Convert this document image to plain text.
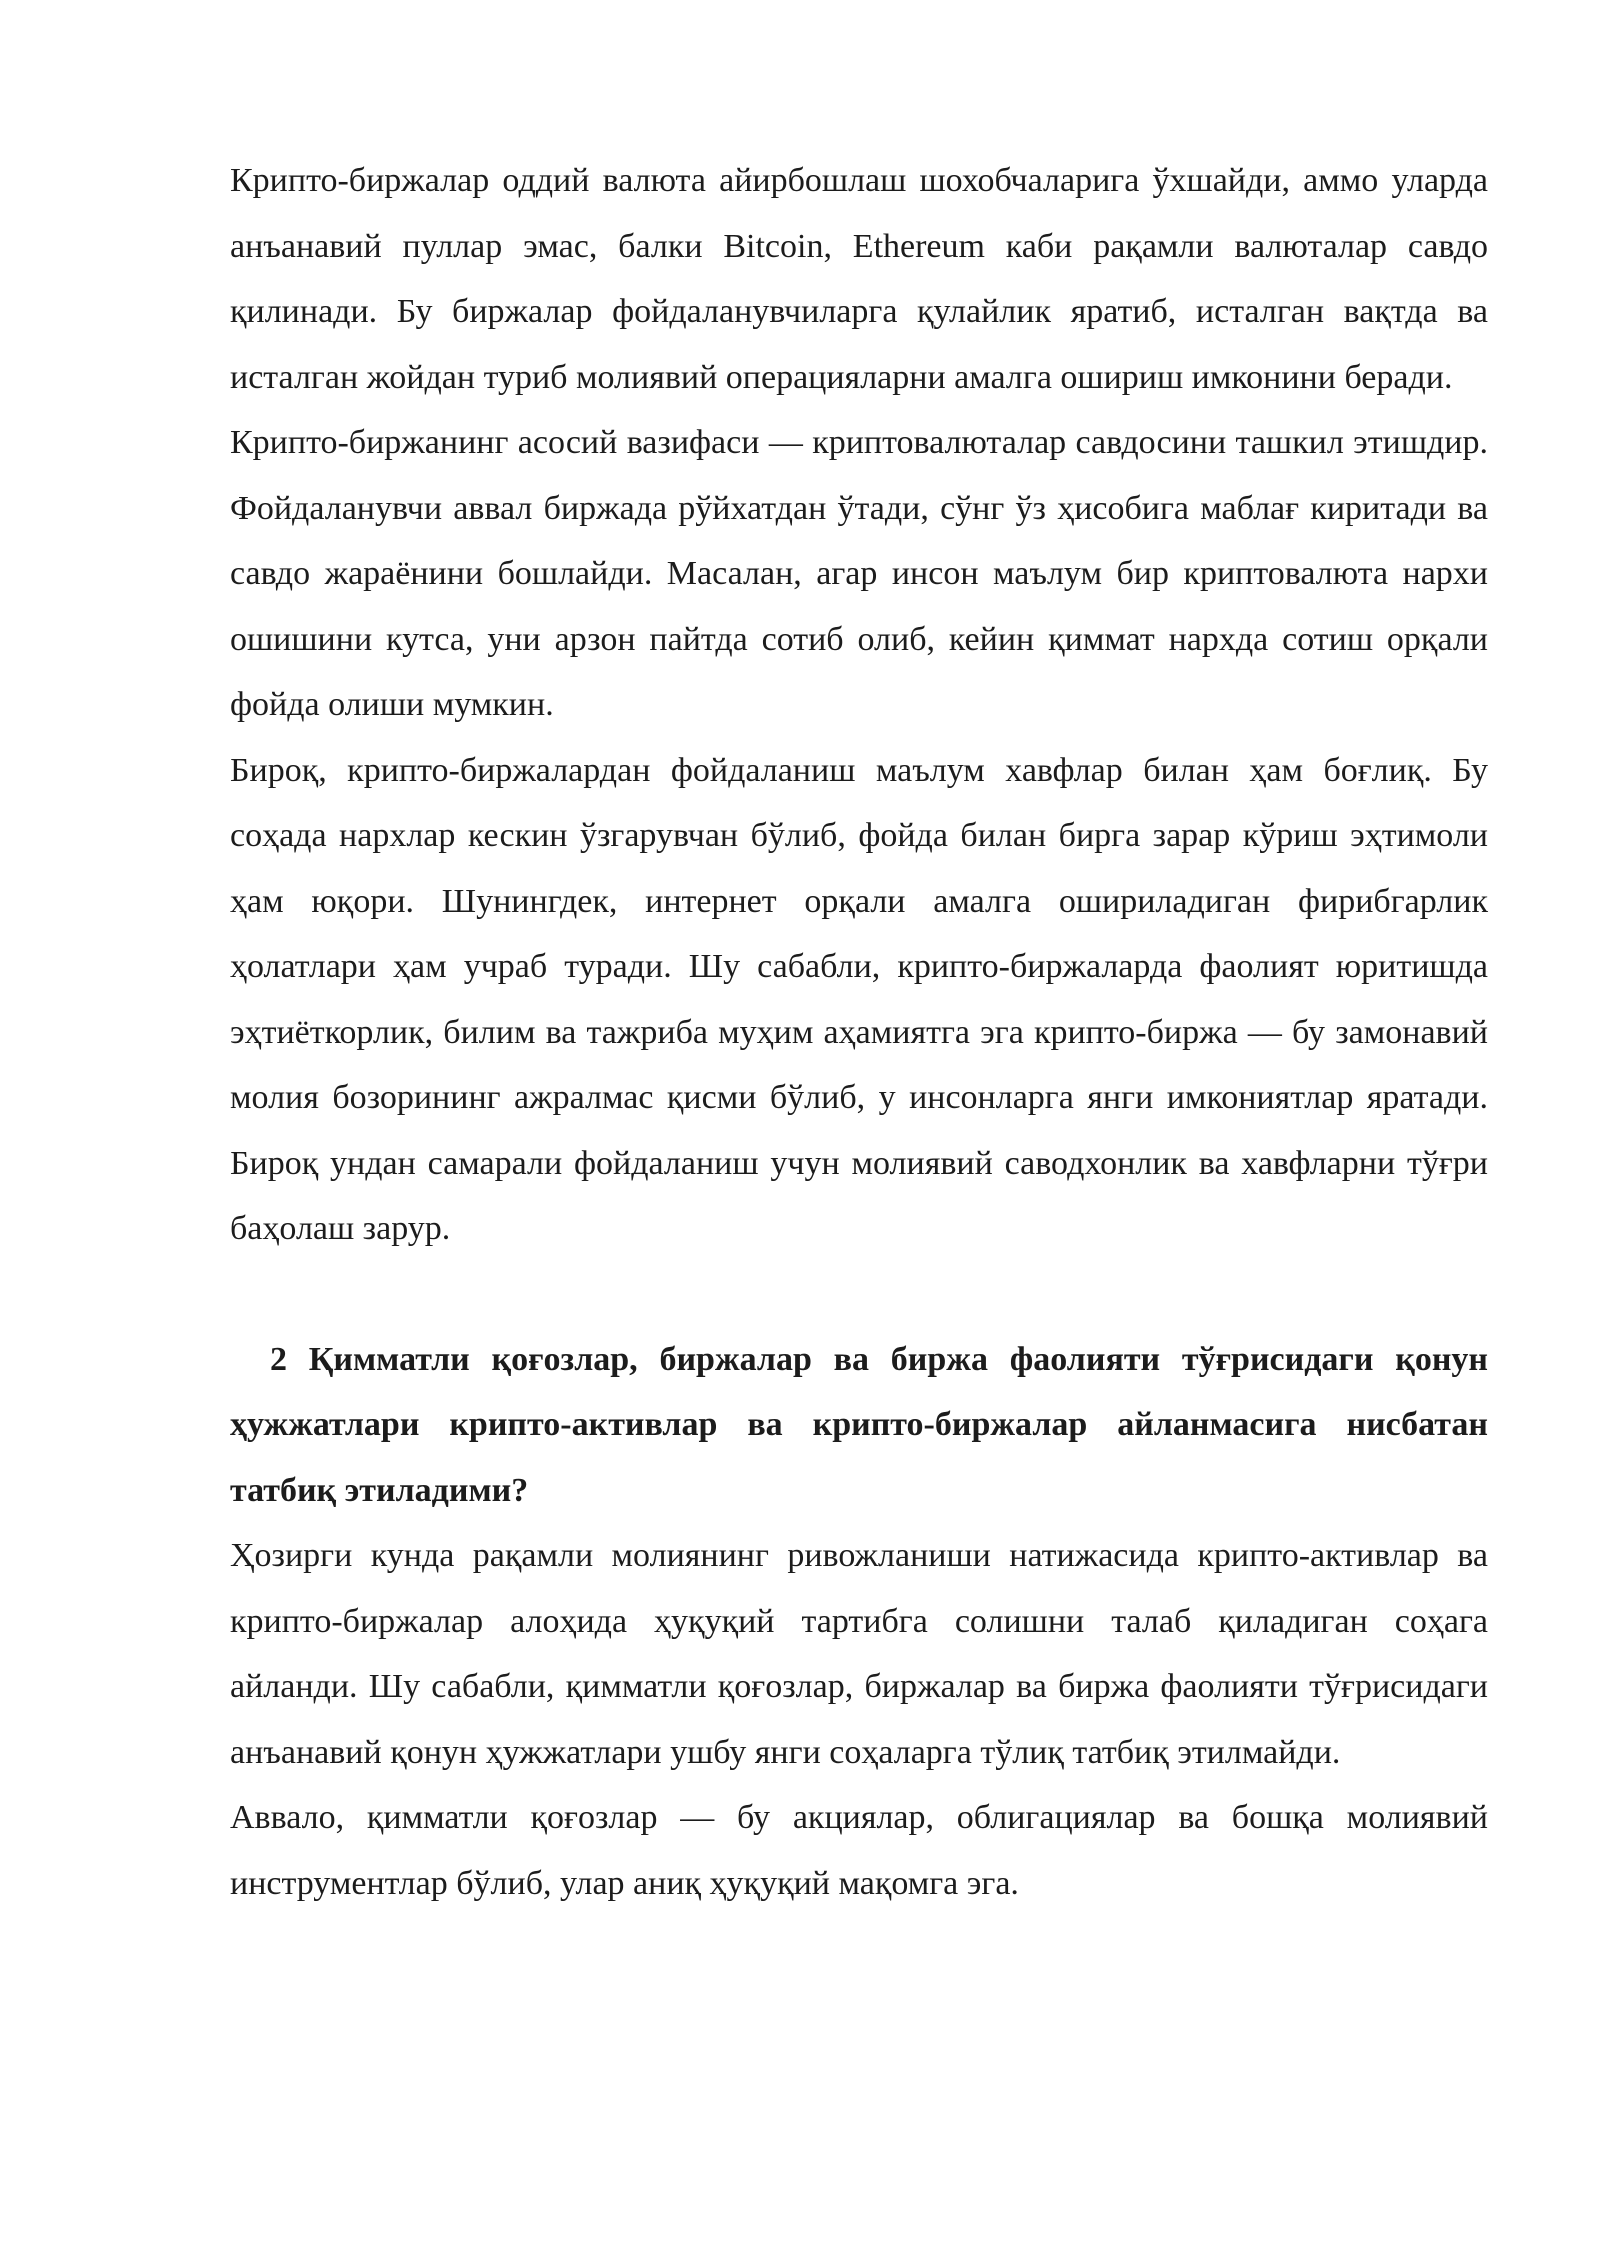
Крипто-биржалар оддий валюта айирбошлаш шохобчаларига ўхшайди, аммо уларда анъанавий пуллар эмас, балки Bitcoin, Ethereum каби рақамли валюталар савдо қилинади. Бу биржалар фойдаланувчиларга қулайлик яратиб, исталган вақтда ва исталган жойдан туриб молиявий операцияларни амалга ошириш имконини беради.

Крипто-биржанинг асосий вазифаси — криптовалюталар савдосини ташкил этишдир. Фойдаланувчи аввал биржада рўйхатдан ўтади, сўнг ўз ҳисобига маблағ киритади ва савдо жараёнини бошлайди. Масалан, агар инсон маълум бир криптовалюта нархи ошишини кутса, уни арзон пайтда сотиб олиб, кейин қиммат нархда сотиш орқали фойда олиши мумкин.

Бироқ, крипто-биржалардан фойдаланиш маълум хавфлар билан ҳам боғлиқ. Бу соҳада нархлар кескин ўзгарувчан бўлиб, фойда билан бирга зарар кўриш эҳтимоли ҳам юқори. Шунингдек, интернет орқали амалга ошириладиган фирибгарлик ҳолатлари ҳам учраб туради. Шу сабабли, крипто-биржаларда фаолият юритишда эҳтиёткорлик, билим ва тажриба муҳим аҳамиятга эга крипто-биржа — бу замонавий молия бозорининг ажралмас қисми бўлиб, у инсонларга янги имкониятлар яратади. Бироқ ундан самарали фойдаланиш учун молиявий саводхонлик ва хавфларни тўғри баҳолаш зарур.

2 Қимматли қоғозлар, биржалар ва биржа фаолияти тўғрисидаги қонун ҳужжатлари крипто-активлар ва крипто-биржалар айланмасига нисбатан татбиқ этиладими?

Ҳозирги кунда рақамли молиянинг ривожланиши натижасида крипто-активлар ва крипто-биржалар алоҳида ҳуқуқий тартибга солишни талаб қиладиган соҳага айланди. Шу сабабли, қимматли қоғозлар, биржалар ва биржа фаолияти тўғрисидаги анъанавий қонун ҳужжатлари ушбу янги соҳаларга тўлиқ татбиқ этилмайди.

Аввало, қимматли қоғозлар — бу акциялар, облигациялар ва бошқа молиявий инструментлар бўлиб, улар аниқ ҳуқуқий мақомга эга.
